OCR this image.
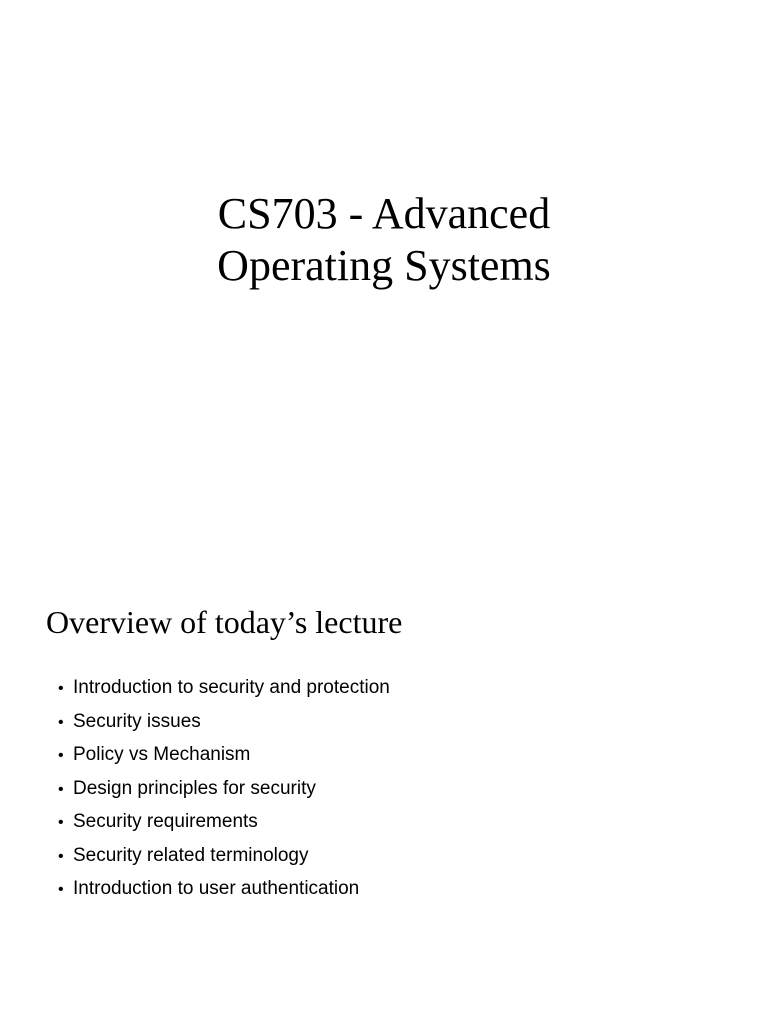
CS703 - Advanced
Operating Systems
Overview of today’s lecture
• Introduction to security and protection
• Security issues
• Policy vs Mechanism
• Design principles for security
• Security requirements
• Security related terminology
• Introduction to user authentication
